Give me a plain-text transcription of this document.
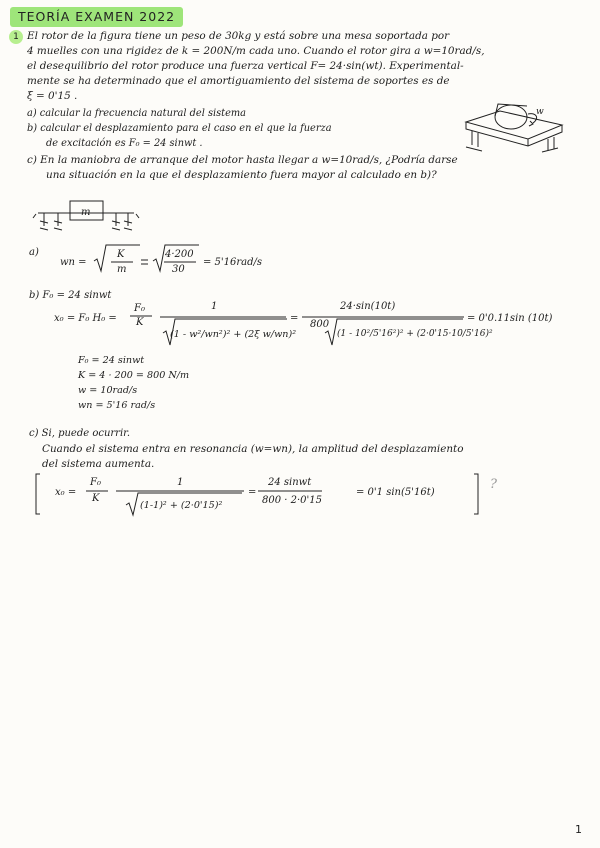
TEORÍA EXAMEN 2022
1 El rotor de la figura tiene un peso de 30kg y está sobre una mesa soportada por
4 muelles con una rigidez de k = 200N/m cada uno. Cuando el rotor gira a w=10rad/s,
el desequilibrio del rotor produce una fuerza vertical F= 24·sin(wt). Experimental-
mente se ha determinado que el amortiguamiento del sistema de soportes es de
ξ = 0'15 .
a) calcular la frecuencia natural del sistema
b) calcular el desplazamiento para el caso en el que la fuerza
de excitación es F₀ = 24 sinwt .
c) En la maniobra de arranque del motor hasta llegar a w=10rad/s, ¿Podría darse
una situación en la que el desplazamiento fuera mayor al calculado en b)?
w
m
a)
wn =
K
m
4·200
30
= 5'16rad/s
b) F₀ = 24 sinwt
x₀ = F₀ H₀ =
F₀
K
1
(1 - w²/wn²)² + (2ξ w/wn)²
=
24·sin(10t)
800
(1 - 10²/5'16²)² + (2·0'15·10/5'16)²
= 0'0.11sin (10t)
F₀ = 24 sinwt
K = 4 · 200 = 800 N/m
w = 10rad/s
wn = 5'16 rad/s
c) Si, puede ocurrir.
Cuando el sistema entra en resonancia (w=wn), la amplitud del desplazamiento
del sistema aumenta.
x₀ =
F₀
K
1
(1-1)² + (2·0'15)²
=
24 sinwt
800 · 2·0'15
= 0'1 sin(5'16t)
?
1
